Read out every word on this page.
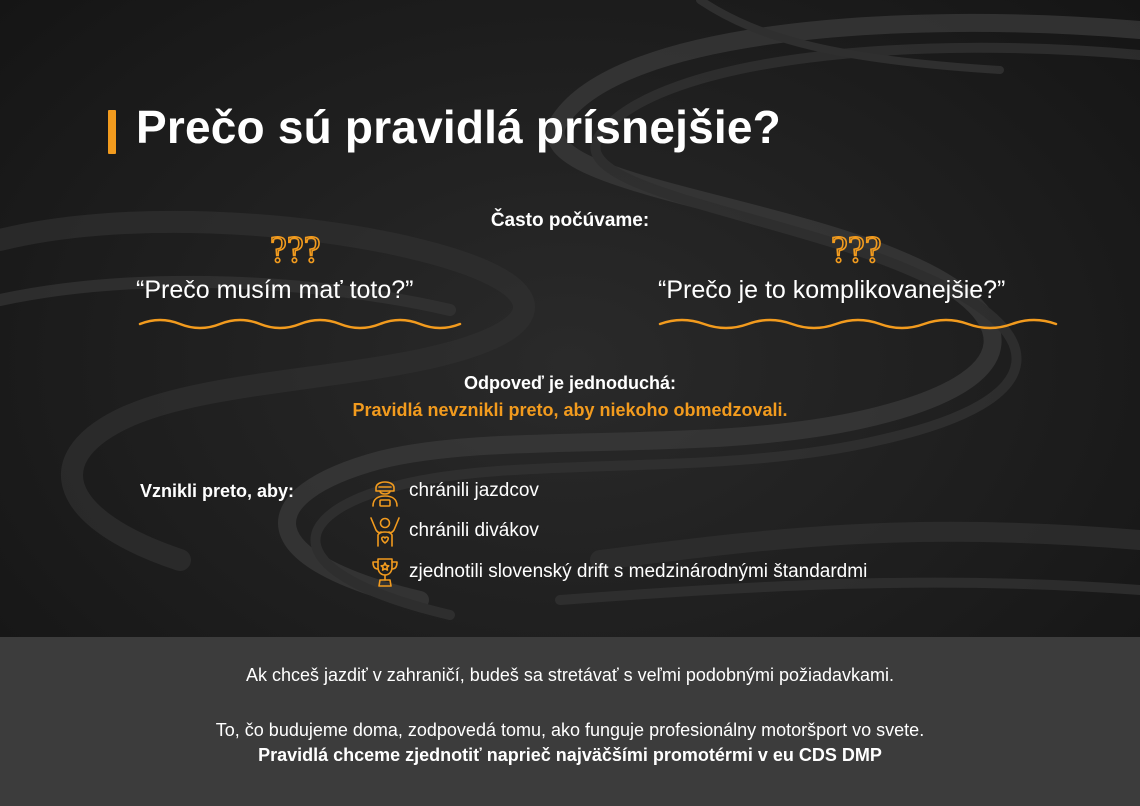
Prečo sú pravidlá prísnejšie?
Často počúvame:
???
“Prečo musím mať toto?”
???
“Prečo je to komplikovanejšie?”
Odpoveď je jednoduchá:
Pravidlá nevznikli preto, aby niekoho obmedzovali.
Vznikli preto, aby:	chránili jazdcov
chránili divákov
zjednotili slovenský drift s medzinárodnými štandardmi
Ak chceš jazdiť v zahraničí, budeš sa stretávať s veľmi podobnými požiadavkami.
To, čo budujeme doma, zodpovedá tomu, ako funguje profesionálny motoršport vo svete.
Pravidlá chceme zjednotiť naprieč najväčšími promotérmi v eu CDS DMP
